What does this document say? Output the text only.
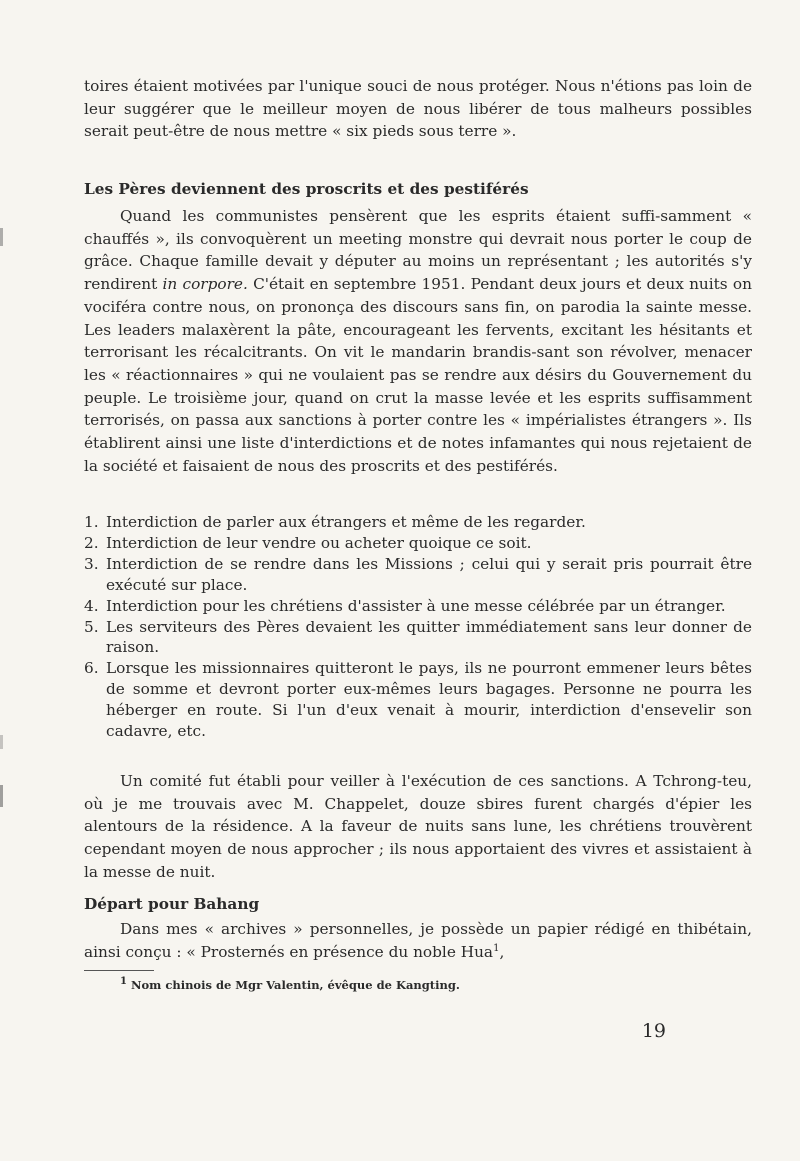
toires étaient motivées par l'unique souci de nous protéger. Nous n'étions pas loin de leur suggérer que le meilleur moyen de nous libérer de tous malheurs possibles serait peut-être de nous mettre « six pieds sous terre ».

Les Pères deviennent des proscrits et des pestiférés

Quand les communistes pensèrent que les esprits étaient suffi-samment « chauffés », ils convoquèrent un meeting monstre qui devrait nous porter le coup de grâce. Chaque famille devait y députer au moins un représentant ; les autorités s'y rendirent in corpore. C'était en septembre 1951. Pendant deux jours et deux nuits on vociféra contre nous, on prononça des discours sans fin, on parodia la sainte messe. Les leaders malaxèrent la pâte, encourageant les fervents, excitant les hésitants et terrorisant les récalcitrants. On vit le mandarin brandis-sant son révolver, menacer les « réactionnaires » qui ne voulaient pas se rendre aux désirs du Gouvernement du peuple. Le troisième jour, quand on crut la masse levée et les esprits suffisamment terrorisés, on passa aux sanctions à porter contre les « impérialistes étrangers ». Ils établirent ainsi une liste d'interdictions et de notes infamantes qui nous rejetaient de la société et faisaient de nous des proscrits et des pestiférés.

1. Interdiction de parler aux étrangers et même de les regarder.
2. Interdiction de leur vendre ou acheter quoique ce soit.
3. Interdiction de se rendre dans les Missions ; celui qui y serait pris pourrait être exécuté sur place.
4. Interdiction pour les chrétiens d'assister à une messe célébrée par un étranger.
5. Les serviteurs des Pères devaient les quitter immédiatement sans leur donner de raison.
6. Lorsque les missionnaires quitteront le pays, ils ne pourront emmener leurs bêtes de somme et devront porter eux-mêmes leurs bagages. Personne ne pourra les héberger en route. Si l'un d'eux venait à mourir, interdiction d'ensevelir son cadavre, etc.

Un comité fut établi pour veiller à l'exécution de ces sanctions. A Tchrong-teu, où je me trouvais avec M. Chappelet, douze sbires furent chargés d'épier les alentours de la résidence. A la faveur de nuits sans lune, les chrétiens trouvèrent cependant moyen de nous approcher ; ils nous apportaient des vivres et assistaient à la messe de nuit.

Départ pour Bahang

Dans mes « archives » personnelles, je possède un papier rédigé en thibétain, ainsi conçu : « Prosternés en présence du noble Hua$^1$,

1 Nom chinois de Mgr Valentin, évêque de Kangting.

19
